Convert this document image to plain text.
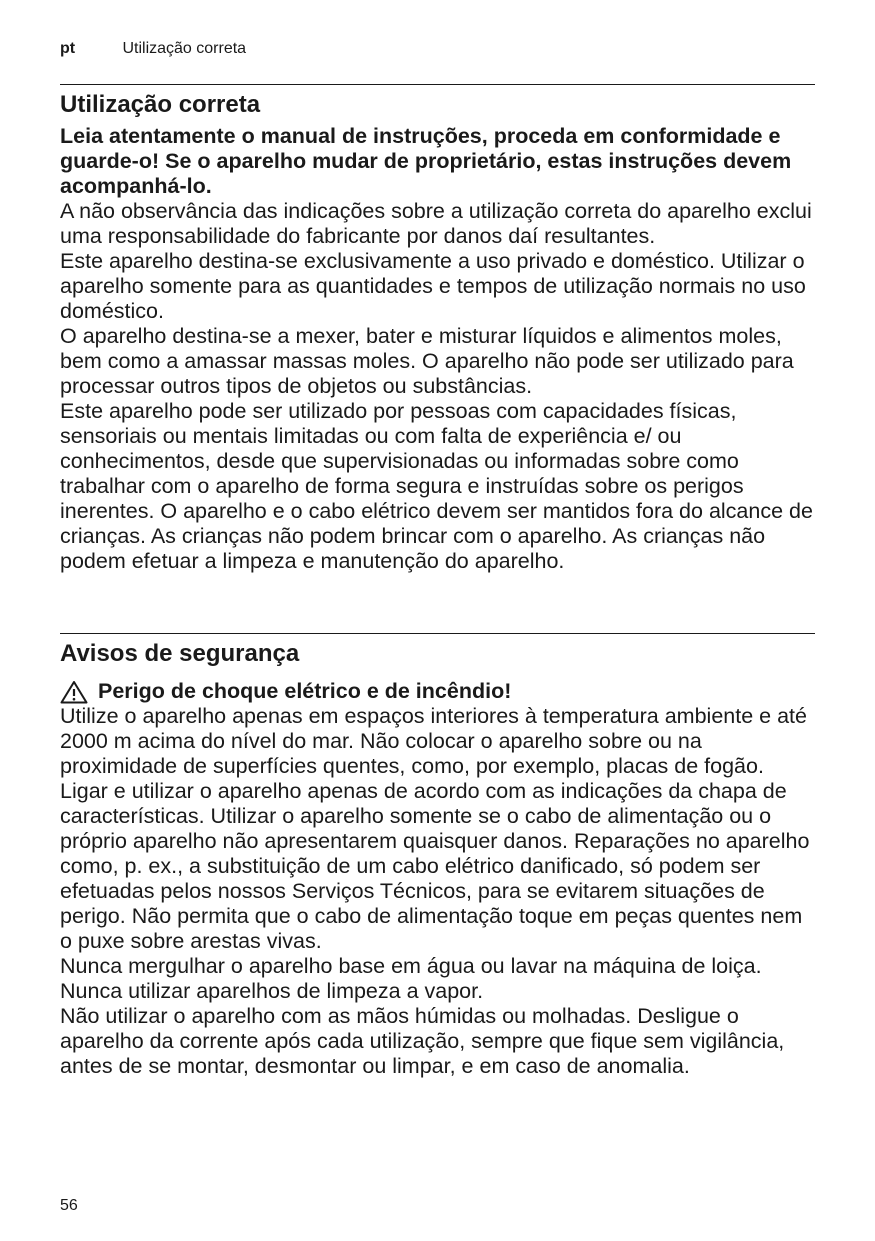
pt	Utilização correta
Utilização correta

Leia atentamente o manual de instruções, proceda em conformidade e guarde-o! Se o aparelho mudar de proprietário, estas instruções devem acompanhá-lo.

A não observância das indicações sobre a utilização correta do aparelho exclui uma responsabilidade do fabricante por danos daí resultantes.

Este aparelho destina-se exclusivamente a uso privado e doméstico. Utilizar o aparelho somente para as quantidades e tempos de utilização normais no uso doméstico.

O aparelho destina-se a mexer, bater e misturar líquidos e alimentos moles, bem como a amassar massas moles. O aparelho não pode ser utilizado para processar outros tipos de objetos ou substâncias.

Este aparelho pode ser utilizado por pessoas com capacidades físicas, sensoriais ou mentais limitadas ou com falta de experiência e/ ou conhecimentos, desde que supervisionadas ou informadas sobre como trabalhar com o aparelho de forma segura e instruídas sobre os perigos inerentes. O aparelho e o cabo elétrico devem ser mantidos fora do alcance de crianças. As crianças não podem brincar com o aparelho. As crianças não podem efetuar a limpeza e manutenção do aparelho.

Avisos de segurança
Perigo de choque elétrico e de incêndio!

Utilize o aparelho apenas em espaços interiores à temperatura ambiente e até 2000 m acima do nível do mar. Não colocar o aparelho sobre ou na proximidade de superfícies quentes, como, por exemplo, placas de fogão.

Ligar e utilizar o aparelho apenas de acordo com as indicações da chapa de características. Utilizar o aparelho somente se o cabo de alimentação ou o próprio aparelho não apresentarem quaisquer danos. Reparações no aparelho como, p. ex., a substituição de um cabo elétrico danificado, só podem ser efetuadas pelos nossos Serviços Técnicos, para se evitarem situações de perigo. Não permita que o cabo de alimentação toque em peças quentes nem o puxe sobre arestas vivas.

Nunca mergulhar o aparelho base em água ou lavar na máquina de loiça. Nunca utilizar aparelhos de limpeza a vapor.

Não utilizar o aparelho com as mãos húmidas ou molhadas. Desligue o aparelho da corrente após cada utilização, sempre que fique sem vigilância, antes de se montar, desmontar ou limpar, e em caso de anomalia.

56
